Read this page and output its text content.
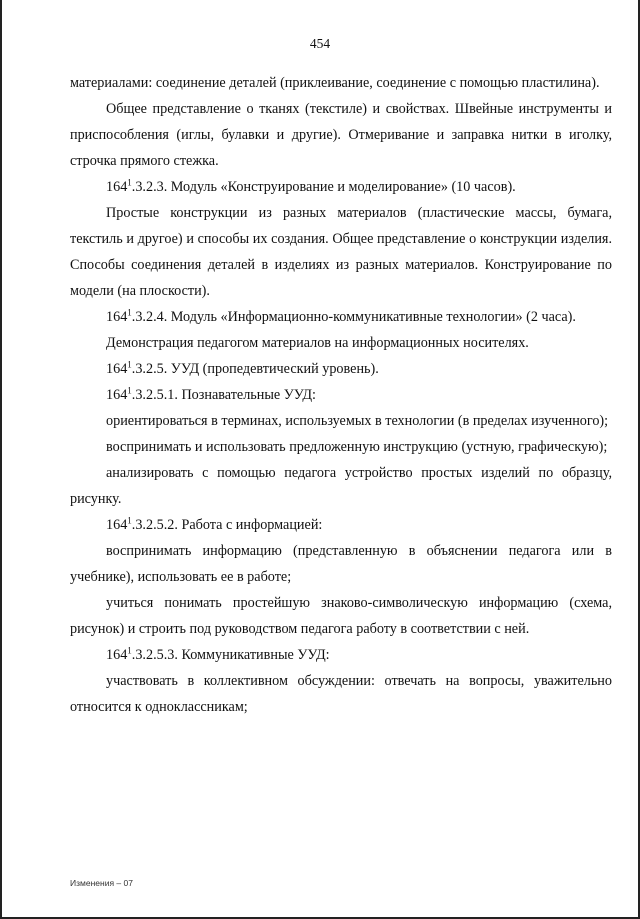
454

материалами: соединение деталей (приклеивание, соединение с помощью пластилина).

Общее представление о тканях (текстиле) и свойствах. Швейные инструменты и приспособления (иглы, булавки и другие). Отмеривание и заправка нитки в иголку, строчка прямого стежка.

$164^1.3.2.3$. Модуль «Конструирование и моделирование» (10 часов).

Простые конструкции из разных материалов (пластические массы, бумага, текстиль и другое) и способы их создания. Общее представление о конструкции изделия. Способы соединения деталей в изделиях из разных материалов. Конструирование по модели (на плоскости).

$164^1.3.2.4$. Модуль «Информационно-коммуникативные технологии» (2 часа).

Демонстрация педагогом материалов на информационных носителях.

$164^1.3.2.5$. УУД (пропедевтический уровень).

$164^1.3.2.5.1$. Познавательные УУД:

ориентироваться в терминах, используемых в технологии (в пределах изученного);

воспринимать и использовать предложенную инструкцию (устную, графическую);

анализировать с помощью педагога устройство простых изделий по образцу, рисунку.

$164^1.3.2.5.2$. Работа с информацией:

воспринимать информацию (представленную в объяснении педагога или в учебнике), использовать ее в работе;

учиться понимать простейшую знаково-символическую информацию (схема, рисунок) и строить под руководством педагога работу в соответствии с ней.

$164^1.3.2.5.3$. Коммуникативные УУД:

участвовать в коллективном обсуждении: отвечать на вопросы, уважительно относится к одноклассникам;

Изменения – 07
